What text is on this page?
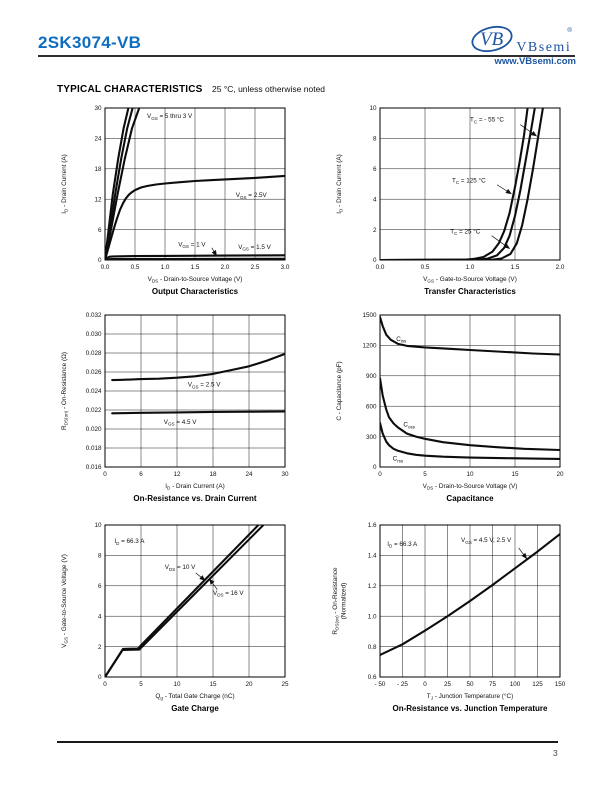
2SK3074-VB	VB VBsemi
®
www.VBsemi.com
TYPICAL CHARACTERISTICS 25 °C, unless otherwise noted
0.0	0.5	1.0	1.5	2.0	2.5	3.0
0
6
12
18
24
30
$V_{GS} = 5$ thru 3 V
$V_{GS} = 2.5V$
$V_{GS} = 1$ V	$V_{GS} = 1.5$ V
$I_D$ - Drain Current (A)
$V_{DS}$ - Drain-to-Source Voltage (V)
Output Characteristics
0.0	0.5	1.0	1.5	2.0
0
2
4
6
8
10
$T_C$ = - 55 °C
$T_C = 125$ °C
$T_C = 25$ °C
$I_D$ - Drain Current (A)
$V_{GS}$ - Gate-to-Source Voltage (V)
Transfer Characteristics
0	6	12	18	24	30
0.016
0.018
0.020
0.022
0.024
0.026
0.028
0.030
0.032
$V_{GS} = 2.5$ V
$V_{GS} = 4.5$ V
$R_{DS(on)}$ - On-Resistance (Ω)
$I_D$ - Drain Current (A)
On-Resistance vs. Drain Current
0	5	10	15	20
0
300
600
900
1200
1500
$C_{iss}$
$C_{oss}$
$C_{rss}$
C - Capacitance (pF)
$V_{DS}$ - Drain-to-Source Voltage (V)
Capacitance
0	5	10	15	20	25
0
2
4
6
8
10
$I_D = 66.3$ A
$V_{DS} = 10$ V
$V_{DS} = 16$ V
$V_{GS}$ - Gate-to-Source Voltage (V)
$Q_g$ - Total Gate Charge (nC)
Gate Charge
- 50 - 25 0	25 50 75 100 125 150
0.6
0.8
1.0
1.2
1.4
1.6
$I_D = 66.3$ A
$V_{GS} = 4.5$ V, 2.5 V
$R_{DS(on)}$ - On-Resistance (Normalized)
$T_J$ - Junction Temperature (°C)
On-Resistance vs. Junction Temperature
3
